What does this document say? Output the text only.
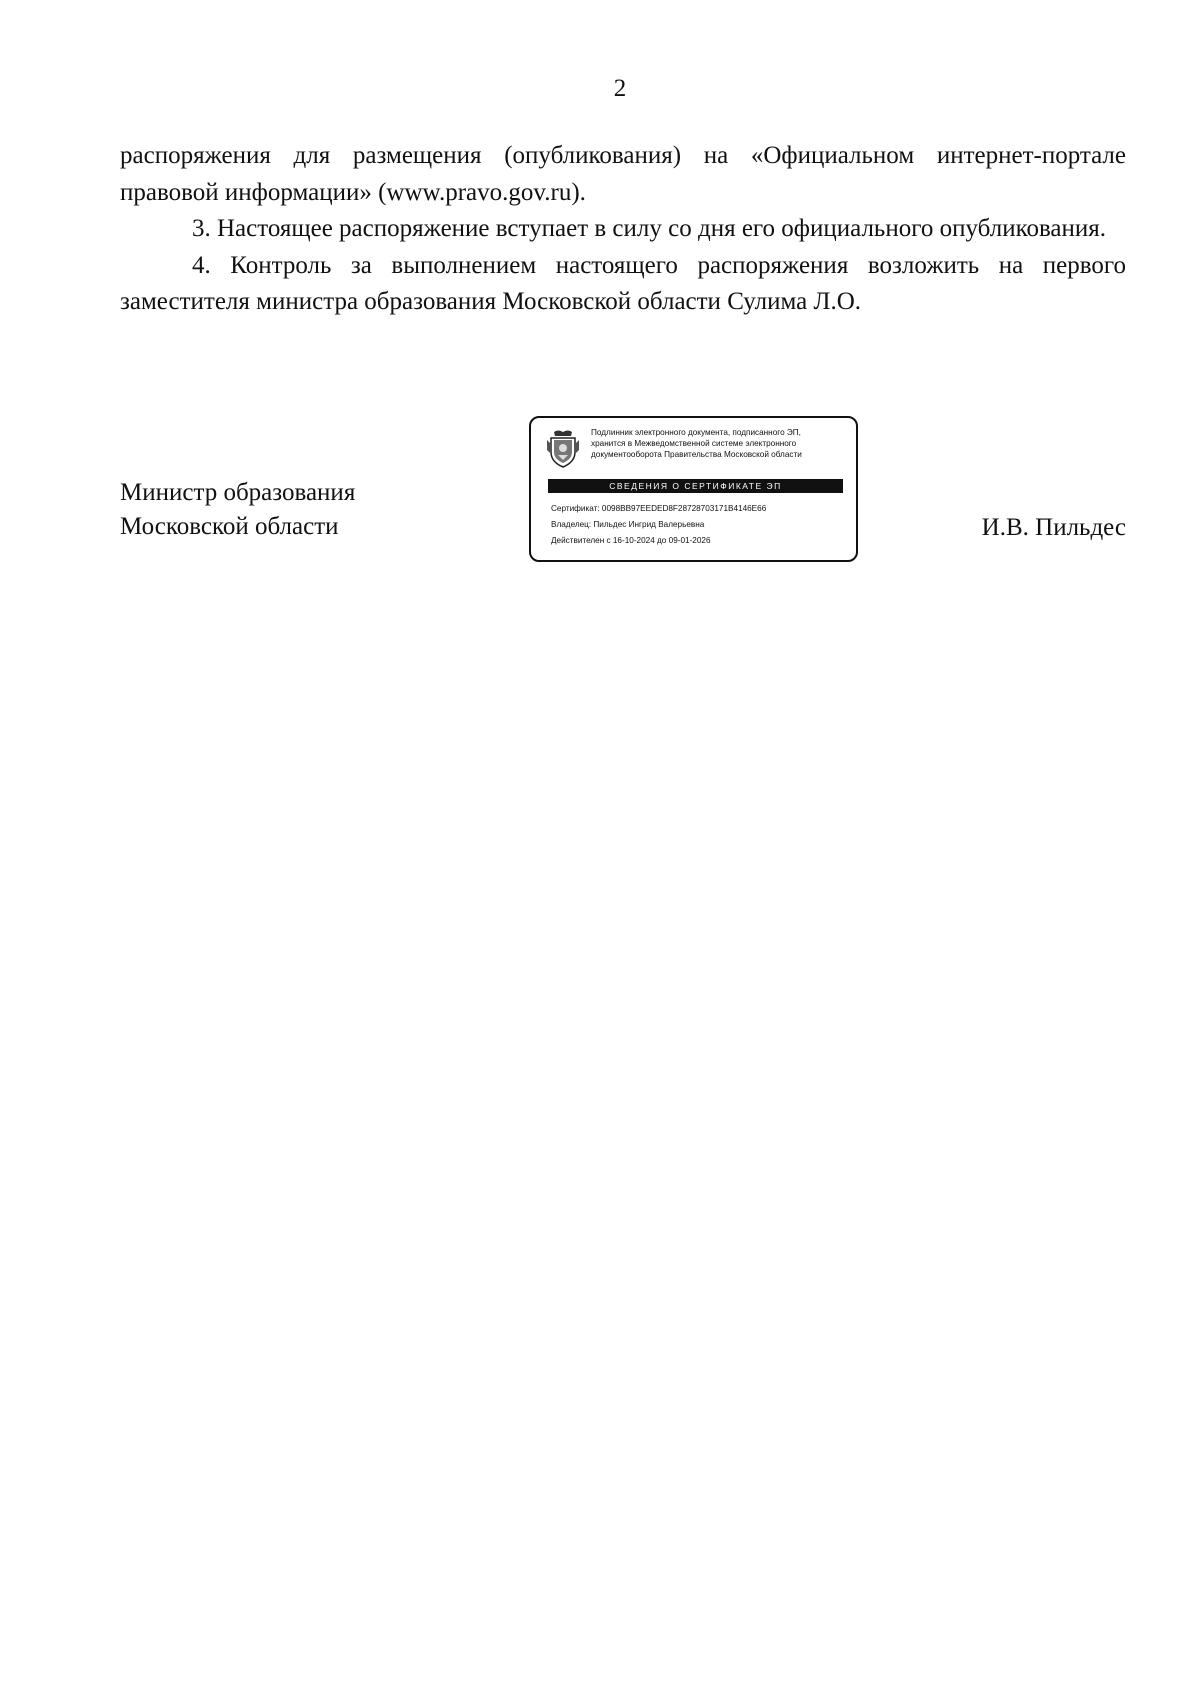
2

распоряжения для размещения (опубликования) на «Официальном интернет-портале правовой информации» (www.pravo.gov.ru).

3. Настоящее распоряжение вступает в силу со дня его официального опубликования.

4. Контроль за выполнением настоящего распоряжения возложить на первого заместителя министра образования Московской области Сулима Л.О.

Министр образования
Московской области
Подлинник электронного документа, подписанного ЭП,
хранится в Межведомственной системе электронного
документооборота Правительства Московской области
СВЕДЕНИЯ О СЕРТИФИКАТЕ ЭП
Сертификат: 0098BB97EEDED8F28728703171B4146E66
Владелец: Пильдес Ингрид Валерьевна
Действителен с 16-10-2024 до 09-01-2026	И.В. Пильдес
